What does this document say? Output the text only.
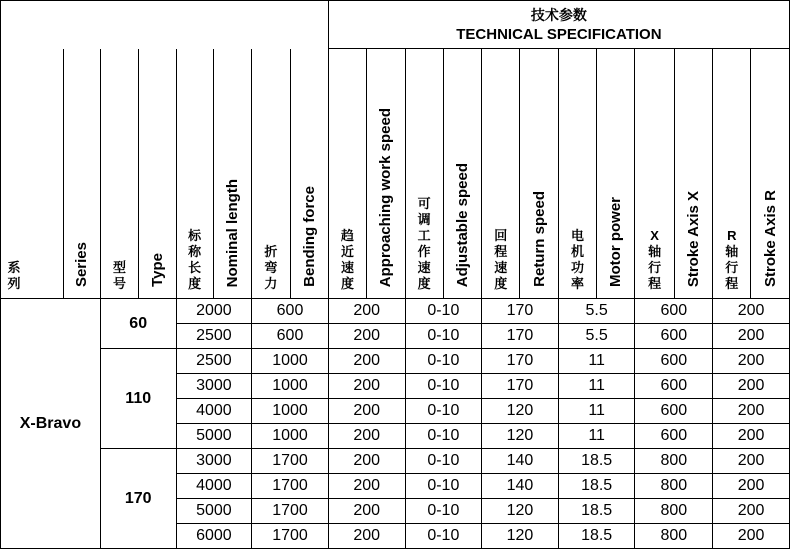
								技术参数
TECHNICAL SPECIFICATION											

系列	Series	型号	Type	标称长度	Nominal length	折弯力	Bending force	趋近速度	Approaching work speed	可调工作速度	Adjustable speed	回程速度	Return speed	电机功率	Motor power	X轴行程	Stroke Axis X	R轴行程	Stroke Axis R
X-Bravo		60		2000		600		200		0-10		170		5.5		600		200	
				2500		600		200		0-10		170		5.5		600		200	
		110		2500		1000		200		0-10		170		11		600		200	
				3000		1000		200		0-10		170		11		600		200	
				4000		1000		200		0-10		120		11		600		200	
				5000		1000		200		0-10		120		11		600		200	
		170		3000		1700		200		0-10		140		18.5		800		200	
				4000		1700		200		0-10		140		18.5		800		200	
				5000		1700		200		0-10		120		18.5		800		200	
				6000		1700		200		0-10		120		18.5		800		200	
